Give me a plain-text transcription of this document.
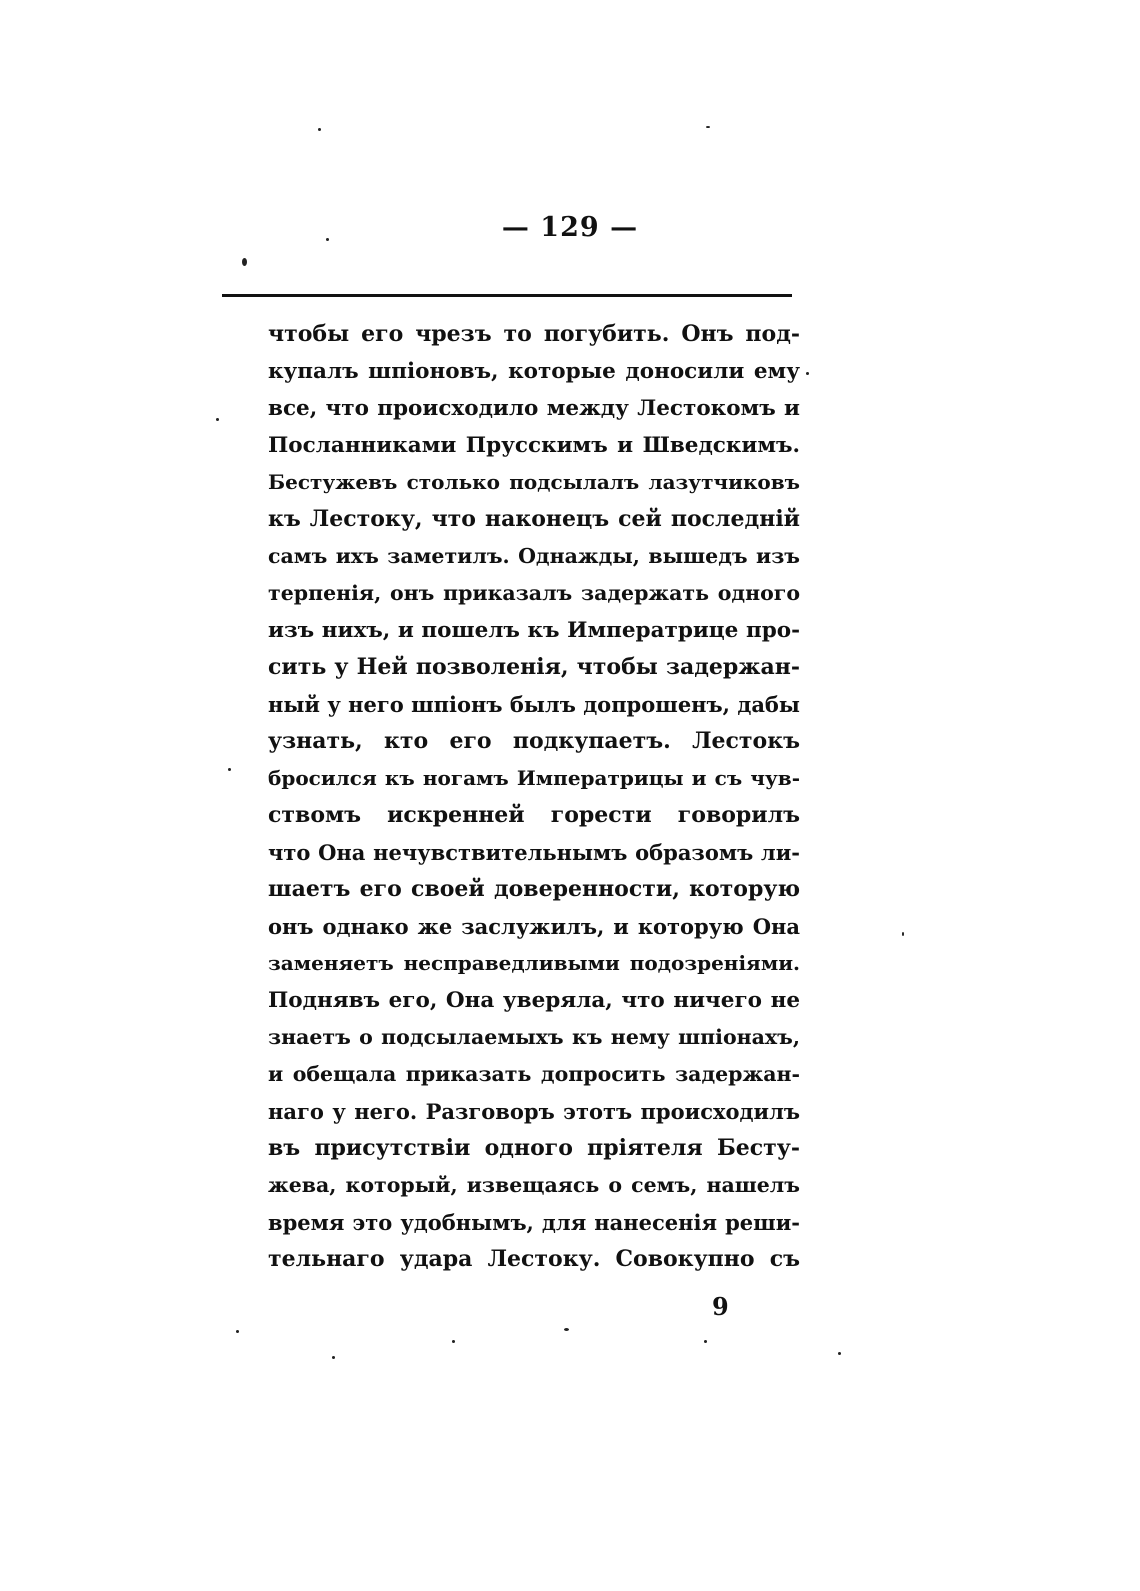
— 129 —
чтобы его чрезъ то погубить. Онъ под-
купалъ шпіоновъ, которые доносили ему
все, что происходило между Лестокомъ и
Посланниками Прусскимъ и Шведскимъ.
Бестужевъ столько подсылалъ лазутчиковъ
къ Лестоку, что наконецъ сей последній
самъ ихъ заметилъ. Однажды, вышедъ изъ
терпенія, онъ приказалъ задержать одного
изъ нихъ, и пошелъ къ Императрице про-
сить у Ней позволенія, чтобы задержан-
ный у него шпіонъ былъ допрошенъ, дабы
узнать, кто его подкупаетъ. Лестокъ
бросился къ ногамъ Императрицы и съ чув-
ствомъ искренней горести говорилъ
что Она нечувствительнымъ образомъ ли-
шаетъ его своей доверенности, которую
онъ однако же заслужилъ, и которую Она
заменяетъ несправедливыми подозреніями.
Поднявъ его, Она уверяла, что ничего не
знаетъ о подсылаемыхъ къ нему шпіонахъ,
и обещала приказать допросить задержан-
наго у него. Разговоръ этотъ происходилъ
въ присутствіи одного пріятеля Бесту-
жева, который, извещаясь о семъ, нашелъ
время это удобнымъ, для нанесенія реши-
тельнаго удара Лестоку. Совокупно съ
9
